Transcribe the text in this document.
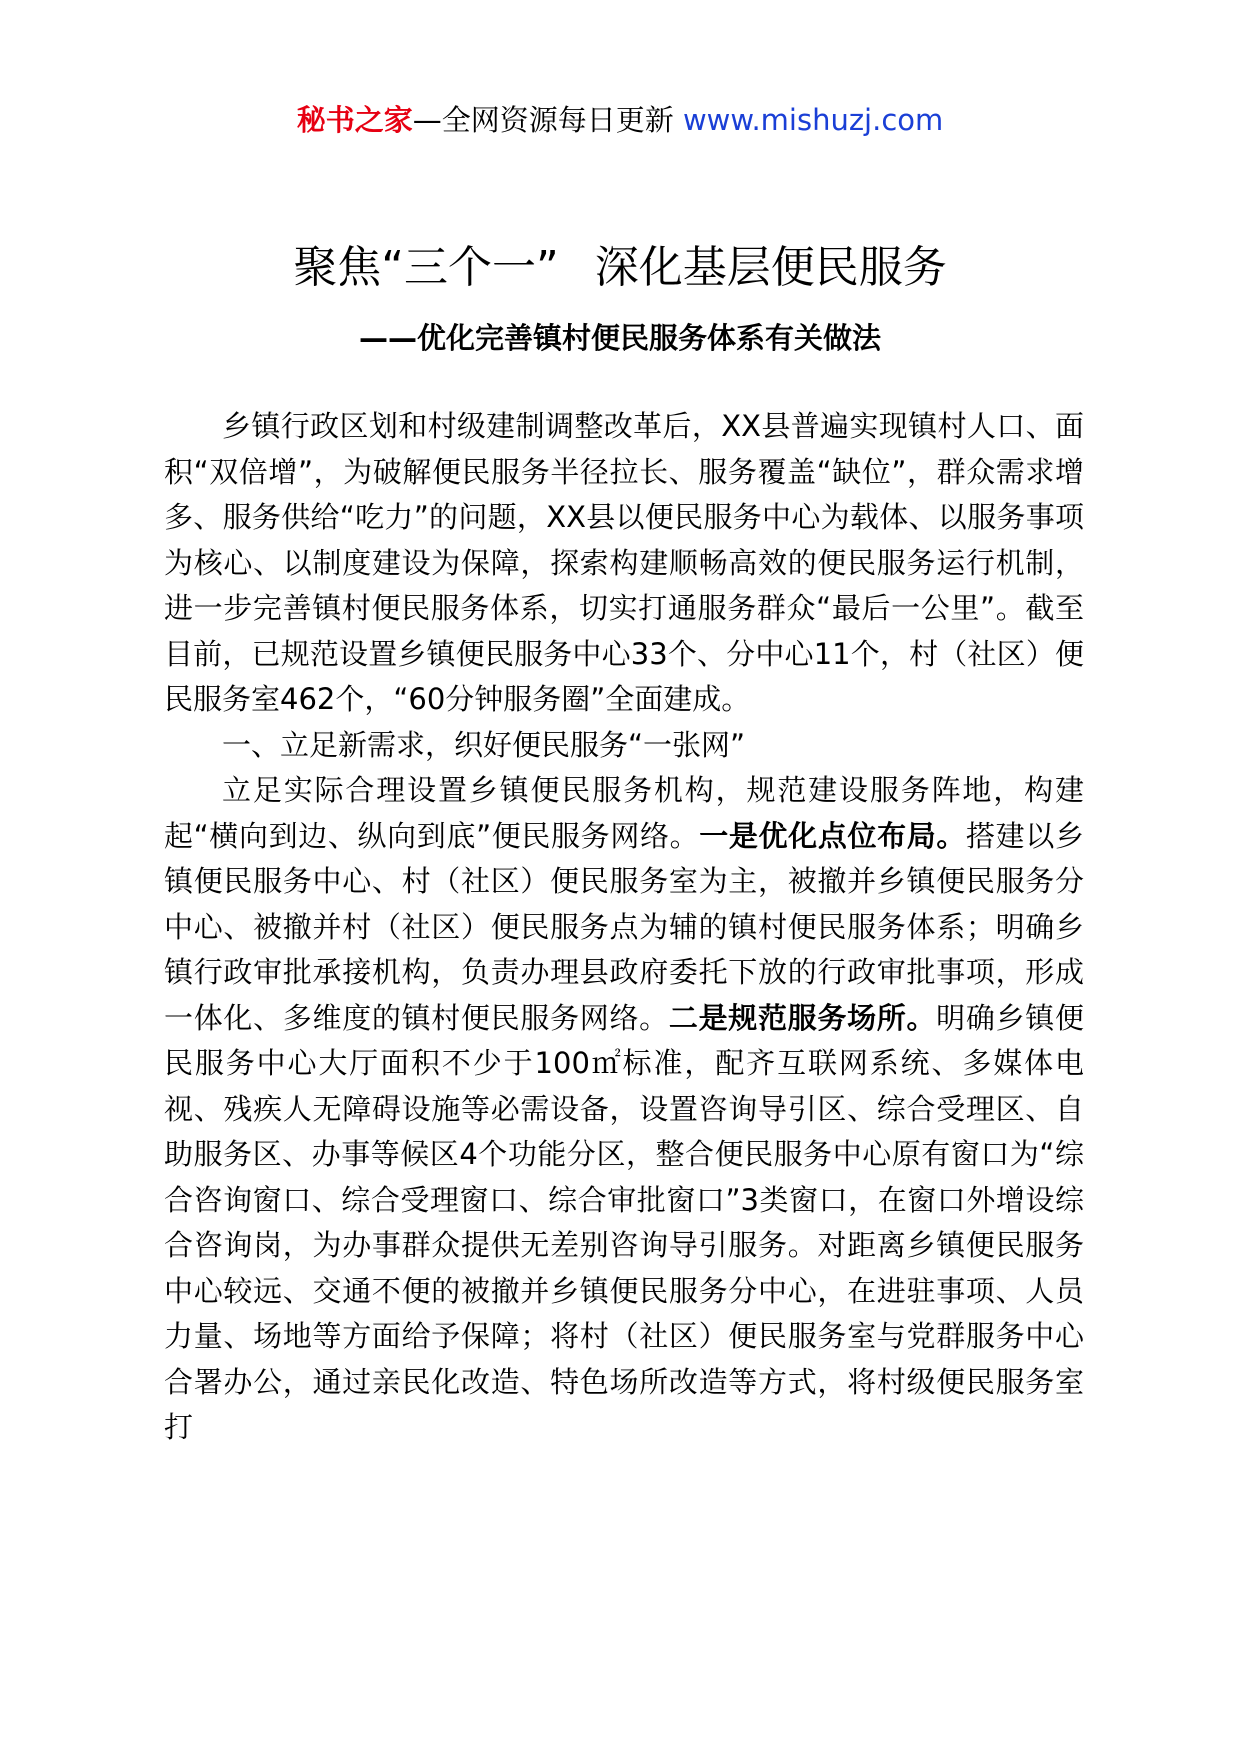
秘书之家—全网资源每日更新 www.mishuzj.com
聚焦“三个一” 深化基层便民服务
——优化完善镇村便民服务体系有关做法

乡镇行政区划和村级建制调整改革后，XX县普遍实现镇村人口、面积“双倍增”，为破解便民服务半径拉长、服务覆盖“缺位”，群众需求增多、服务供给“吃力”的问题，XX县以便民服务中心为载体、以服务事项为核心、以制度建设为保障，探索构建顺畅高效的便民服务运行机制，进一步完善镇村便民服务体系，切实打通服务群众“最后一公里”。截至目前，已规范设置乡镇便民服务中心33个、分中心11个，村（社区）便民服务室462个，“60分钟服务圈”全面建成。

一、立足新需求，织好便民服务“一张网”

立足实际合理设置乡镇便民服务机构，规范建设服务阵地，构建起“横向到边、纵向到底”便民服务网络。一是优化点位布局。搭建以乡镇便民服务中心、村（社区）便民服务室为主，被撤并乡镇便民服务分中心、被撤并村（社区）便民服务点为辅的镇村便民服务体系；明确乡镇行政审批承接机构，负责办理县政府委托下放的行政审批事项，形成一体化、多维度的镇村便民服务网络。二是规范服务场所。明确乡镇便民服务中心大厅面积不少于100㎡标准，配齐互联网系统、多媒体电视、残疾人无障碍设施等必需设备，设置咨询导引区、综合受理区、自助服务区、办事等候区4个功能分区，整合便民服务中心原有窗口为“综合咨询窗口、综合受理窗口、综合审批窗口”3类窗口，在窗口外增设综合咨询岗，为办事群众提供无差别咨询导引服务。对距离乡镇便民服务中心较远、交通不便的被撤并乡镇便民服务分中心，在进驻事项、人员力量、场地等方面给予保障；将村（社区）便民服务室与党群服务中心合署办公，通过亲民化改造、特色场所改造等方式，将村级便民服务室打
